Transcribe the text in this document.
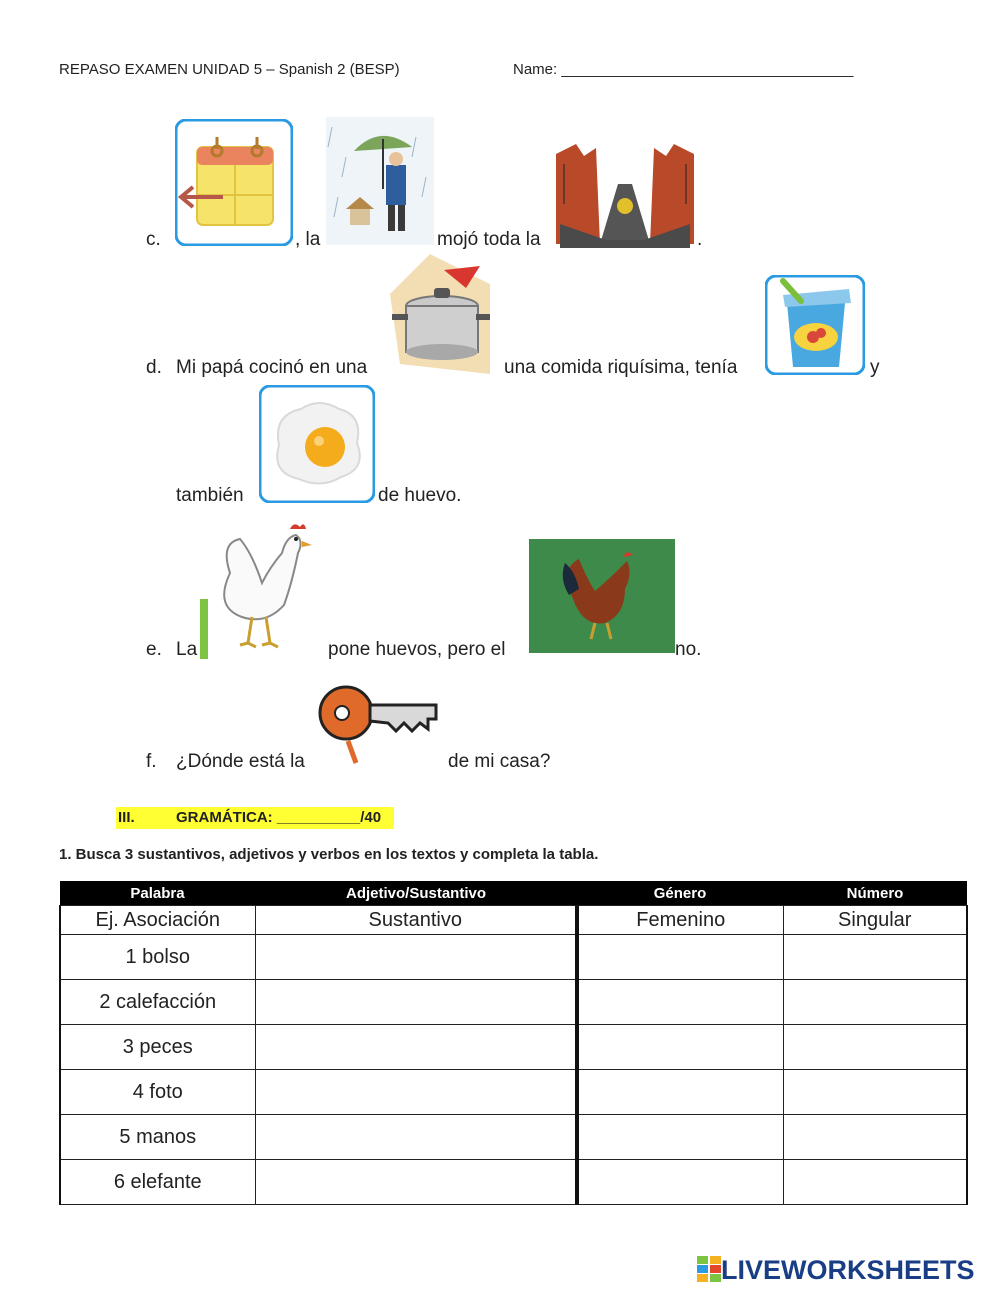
REPASO EXAMEN UNIDAD 5 – Spanish 2 (BESP)	Name: ___________________________________
c.	, la	mojó toda la	.
d. Mi papá cocinó en una	una comida riquísima, tenía	y
también	de huevo.
e. La	pone huevos, pero el	no.
f. ¿Dónde está la	de mi casa?
III.	GRAMÁTICA: __________/40
1. Busca 3 sustantivos, adjetivos y verbos en los textos y completa la tabla.
Palabra	Adjetivo/Sustantivo	Género	Número
Ej. Asociación	Sustantivo	Femenino	Singular
1 bolso			
2 calefacción			
3 peces			
4 foto			
5 manos			
6 elefante			
LIVEWORKSHEETS
